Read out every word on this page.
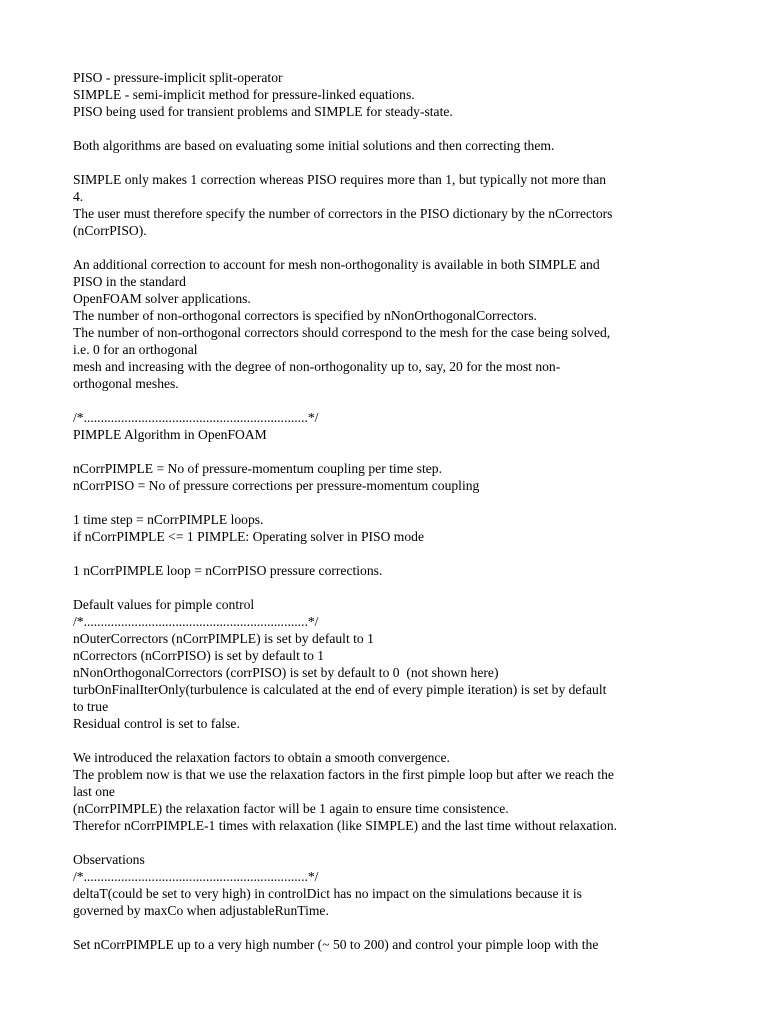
PISO - pressure-implicit split-operator
SIMPLE - semi-implicit method for pressure-linked equations.
PISO being used for transient problems and SIMPLE for steady-state.
Both algorithms are based on evaluating some initial solutions and then correcting them.
SIMPLE only makes 1 correction whereas PISO requires more than 1, but typically not more than
4.
The user must therefore specify the number of correctors in the PISO dictionary by the nCorrectors
(nCorrPISO).
An additional correction to account for mesh non-orthogonality is available in both SIMPLE and
PISO in the standard
OpenFOAM solver applications.
The number of non-orthogonal correctors is specified by nNonOrthogonalCorrectors.
The number of non-orthogonal correctors should correspond to the mesh for the case being solved,
i.e. 0 for an orthogonal
mesh and increasing with the degree of non-orthogonality up to, say, 20 for the most non-
orthogonal meshes.
/*..................................................................*/
PIMPLE Algorithm in OpenFOAM
nCorrPIMPLE = No of pressure-momentum coupling per time step.
nCorrPISO = No of pressure corrections per pressure-momentum coupling
1 time step = nCorrPIMPLE loops.
if nCorrPIMPLE <= 1 PIMPLE: Operating solver in PISO mode
1 nCorrPIMPLE loop = nCorrPISO pressure corrections.
Default values for pimple control
/*..................................................................*/
nOuterCorrectors (nCorrPIMPLE) is set by default to 1
nCorrectors (nCorrPISO) is set by default to 1
nNonOrthogonalCorrectors (corrPISO) is set by default to 0  (not shown here)
turbOnFinalIterOnly(turbulence is calculated at the end of every pimple iteration) is set by default
to true
Residual control is set to false.
We introduced the relaxation factors to obtain a smooth convergence.
The problem now is that we use the relaxation factors in the first pimple loop but after we reach the
last one
(nCorrPIMPLE) the relaxation factor will be 1 again to ensure time consistence.
Therefor nCorrPIMPLE-1 times with relaxation (like SIMPLE) and the last time without relaxation.
Observations
/*..................................................................*/
deltaT(could be set to very high) in controlDict has no impact on the simulations because it is
governed by maxCo when adjustableRunTime.
Set nCorrPIMPLE up to a very high number (~ 50 to 200) and control your pimple loop with the
